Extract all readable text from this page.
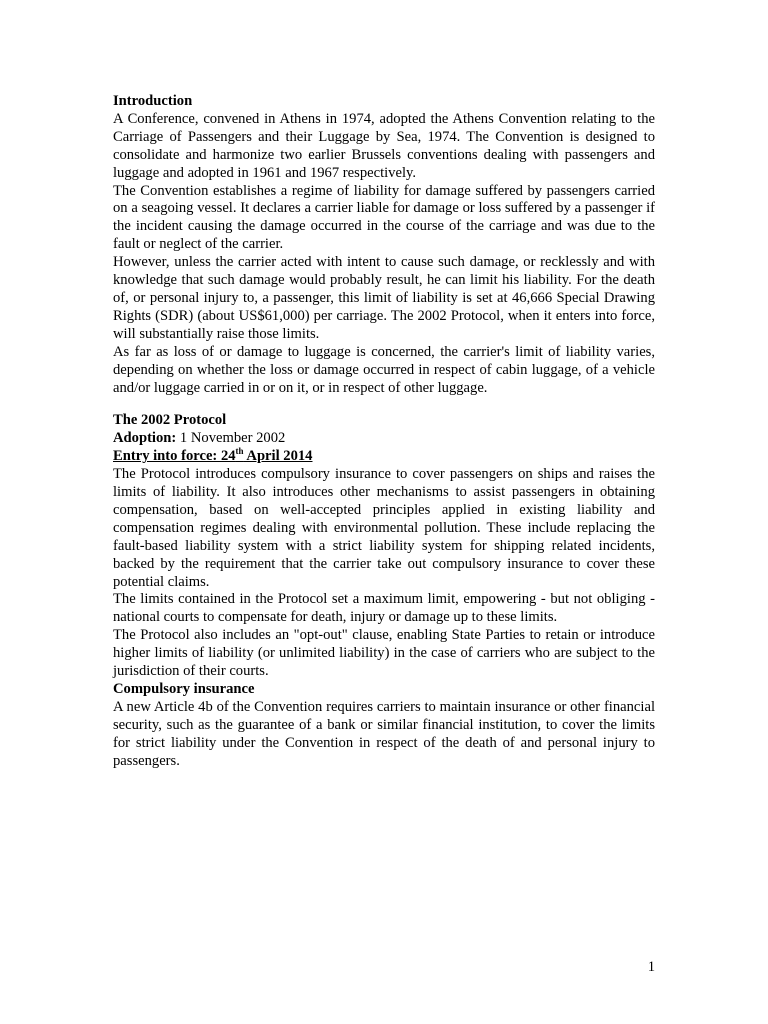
Introduction

A Conference, convened in Athens in 1974, adopted the Athens Convention relating to the Carriage of Passengers and their Luggage by Sea, 1974. The Convention is designed to consolidate and harmonize two earlier Brussels conventions dealing with passengers and luggage and adopted in 1961 and 1967 respectively.

The Convention establishes a regime of liability for damage suffered by passengers carried on a seagoing vessel. It declares a carrier liable for damage or loss suffered by a passenger if the incident causing the damage occurred in the course of the carriage and was due to the fault or neglect of the carrier.

However, unless the carrier acted with intent to cause such damage, or recklessly and with knowledge that such damage would probably result, he can limit his liability. For the death of, or personal injury to, a passenger, this limit of liability is set at 46,666 Special Drawing Rights (SDR) (about US$61,000) per carriage. The 2002 Protocol, when it enters into force, will substantially raise those limits.

As far as loss of or damage to luggage is concerned, the carrier's limit of liability varies, depending on whether the loss or damage occurred in respect of cabin luggage, of a vehicle and/or luggage carried in or on it, or in respect of other luggage.

The 2002 Protocol

Adoption: 1 November 2002

Entry into force: 24th April 2014

The Protocol introduces compulsory insurance to cover passengers on ships and raises the limits of liability. It also introduces other mechanisms to assist passengers in obtaining compensation, based on well-accepted principles applied in existing liability and compensation regimes dealing with environmental pollution. These include replacing the fault-based liability system with a strict liability system for shipping related incidents, backed by the requirement that the carrier take out compulsory insurance to cover these potential claims.

The limits contained in the Protocol set a maximum limit, empowering - but not obliging - national courts to compensate for death, injury or damage up to these limits.

The Protocol also includes an "opt-out" clause, enabling State Parties to retain or introduce higher limits of liability (or unlimited liability) in the case of carriers who are subject to the jurisdiction of their courts.

Compulsory insurance

A new Article 4b of the Convention requires carriers to maintain insurance or other financial security, such as the guarantee of a bank or similar financial institution, to cover the limits for strict liability under the Convention in respect of the death of and personal injury to passengers.

1
